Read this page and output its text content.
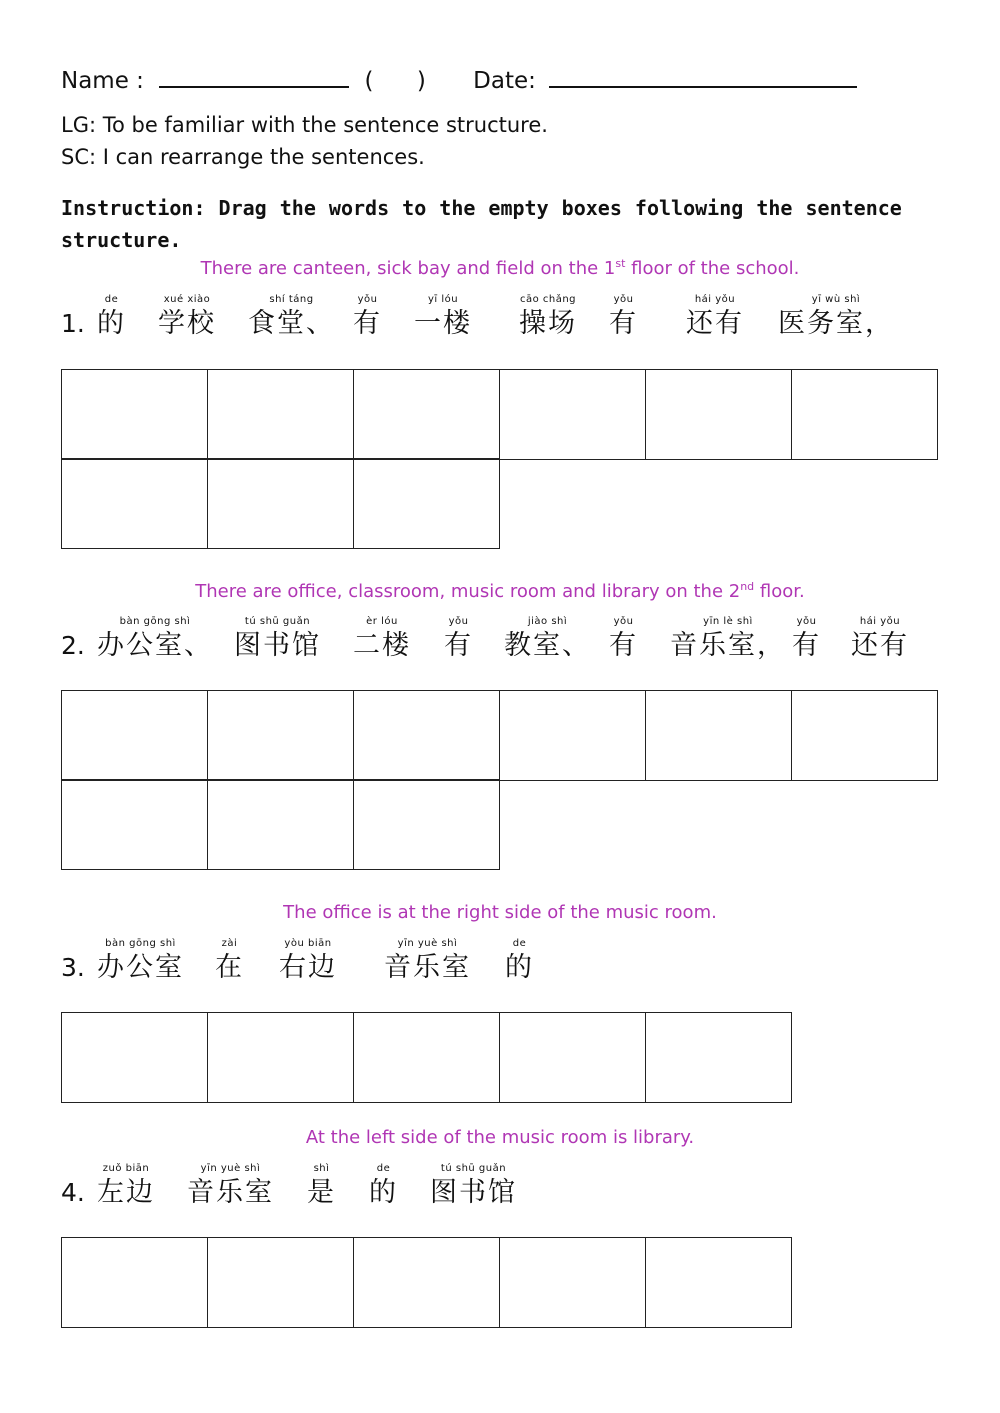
Name :	( ) Date:
LG: To be familiar with the sentence structure.
SC: I can rearrange the sentences.
Instruction: Drag the words to the empty boxes following the sentence structure.
There are canteen, sick bay and field on the 1st floor of the school.
1.
de
的
xué xiào
学校
shí táng
食堂、
yǒu
有
yī lóu
一楼
cāo chǎng
操场
yǒu
有
hái yǒu
还有
yī wù shì
医务室，
There are office, classroom, music room and library on the 2nd floor.
2.
bàn gōng shì
办公室、
tú shū guǎn
图书馆
èr lóu
二楼
yǒu
有
jiào shì
教室、
yǒu
有
yīn lè shì
音乐室，
yǒu
有
hái yǒu
还有
The office is at the right side of the music room.
3.
bàn gōng shì
办公室
zài
在
yòu biān
右边
yīn yuè shì
音乐室
de
的
At the left side of the music room is library.
4.
zuǒ biān
左边
yīn yuè shì
音乐室
shì
是
de
的
tú shū guǎn
图书馆
